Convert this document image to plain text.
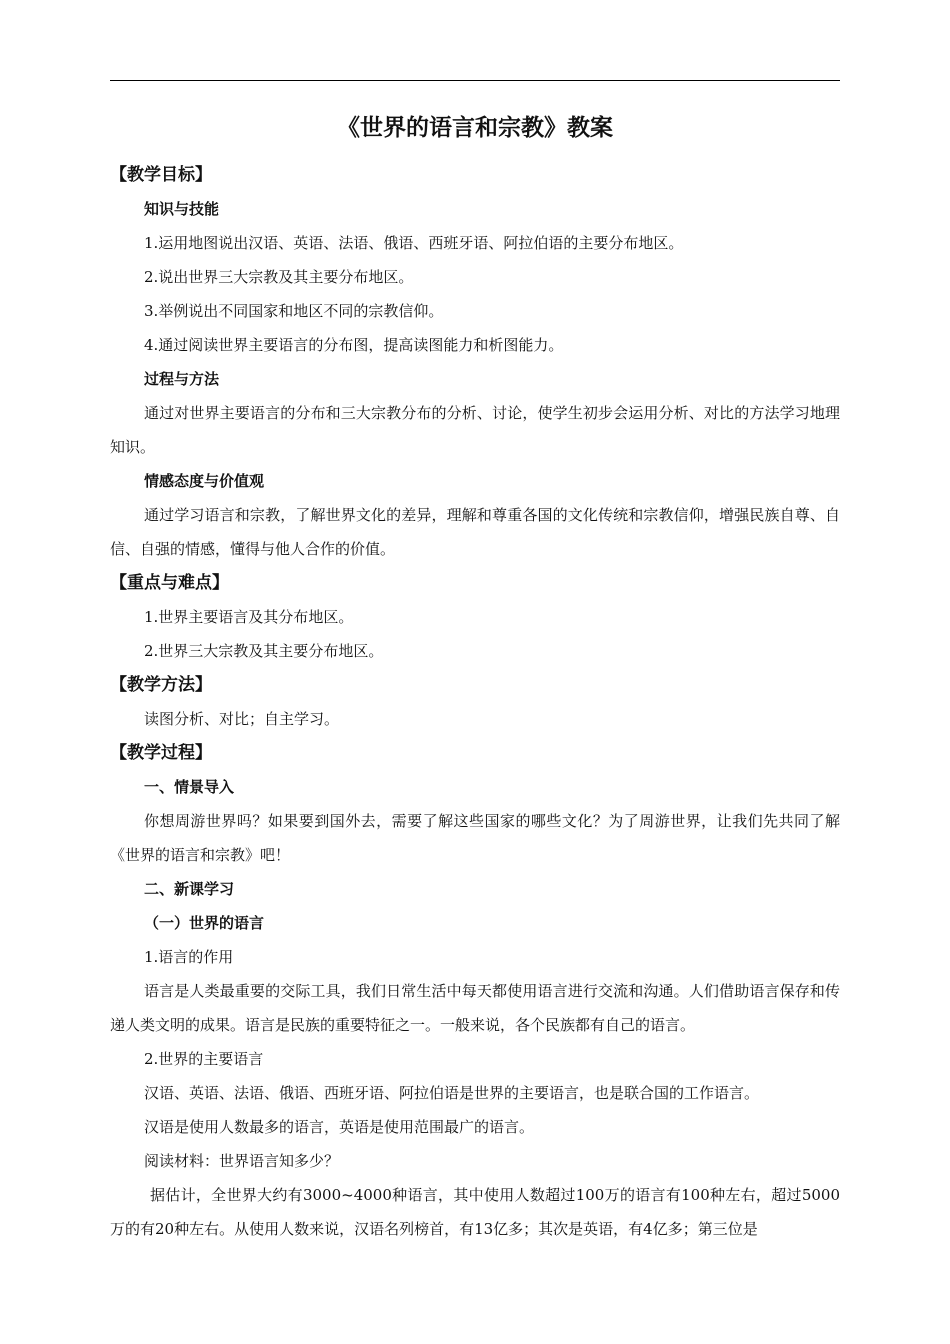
《世界的语言和宗教》教案
【教学目标】
知识与技能

1.运用地图说出汉语、英语、法语、俄语、西班牙语、阿拉伯语的主要分布地区。

2.说出世界三大宗教及其主要分布地区。

3.举例说出不同国家和地区不同的宗教信仰。

4.通过阅读世界主要语言的分布图，提高读图能力和析图能力。

过程与方法

通过对世界主要语言的分布和三大宗教分布的分析、讨论，使学生初步会运用分析、对比的方法学习地理知识。

情感态度与价值观

通过学习语言和宗教，了解世界文化的差异，理解和尊重各国的文化传统和宗教信仰，增强民族自尊、自信、自强的情感，懂得与他人合作的价值。

【重点与难点】

1.世界主要语言及其分布地区。

2.世界三大宗教及其主要分布地区。

【教学方法】

读图分析、对比；自主学习。

【教学过程】
一、情景导入

你想周游世界吗？如果要到国外去，需要了解这些国家的哪些文化？为了周游世界，让我们先共同了解《世界的语言和宗教》吧！

二、新课学习
（一）世界的语言

1.语言的作用

语言是人类最重要的交际工具，我们日常生活中每天都使用语言进行交流和沟通。人们借助语言保存和传递人类文明的成果。语言是民族的重要特征之一。一般来说，各个民族都有自己的语言。

2.世界的主要语言

汉语、英语、法语、俄语、西班牙语、阿拉伯语是世界的主要语言，也是联合国的工作语言。

汉语是使用人数最多的语言，英语是使用范围最广的语言。

阅读材料：世界语言知多少？

据估计，全世界大约有3000~4000种语言，其中使用人数超过100万的语言有100种左右，超过5000万的有20种左右。从使用人数来说，汉语名列榜首，有13亿多；其次是英语，有4亿多；第三位是
